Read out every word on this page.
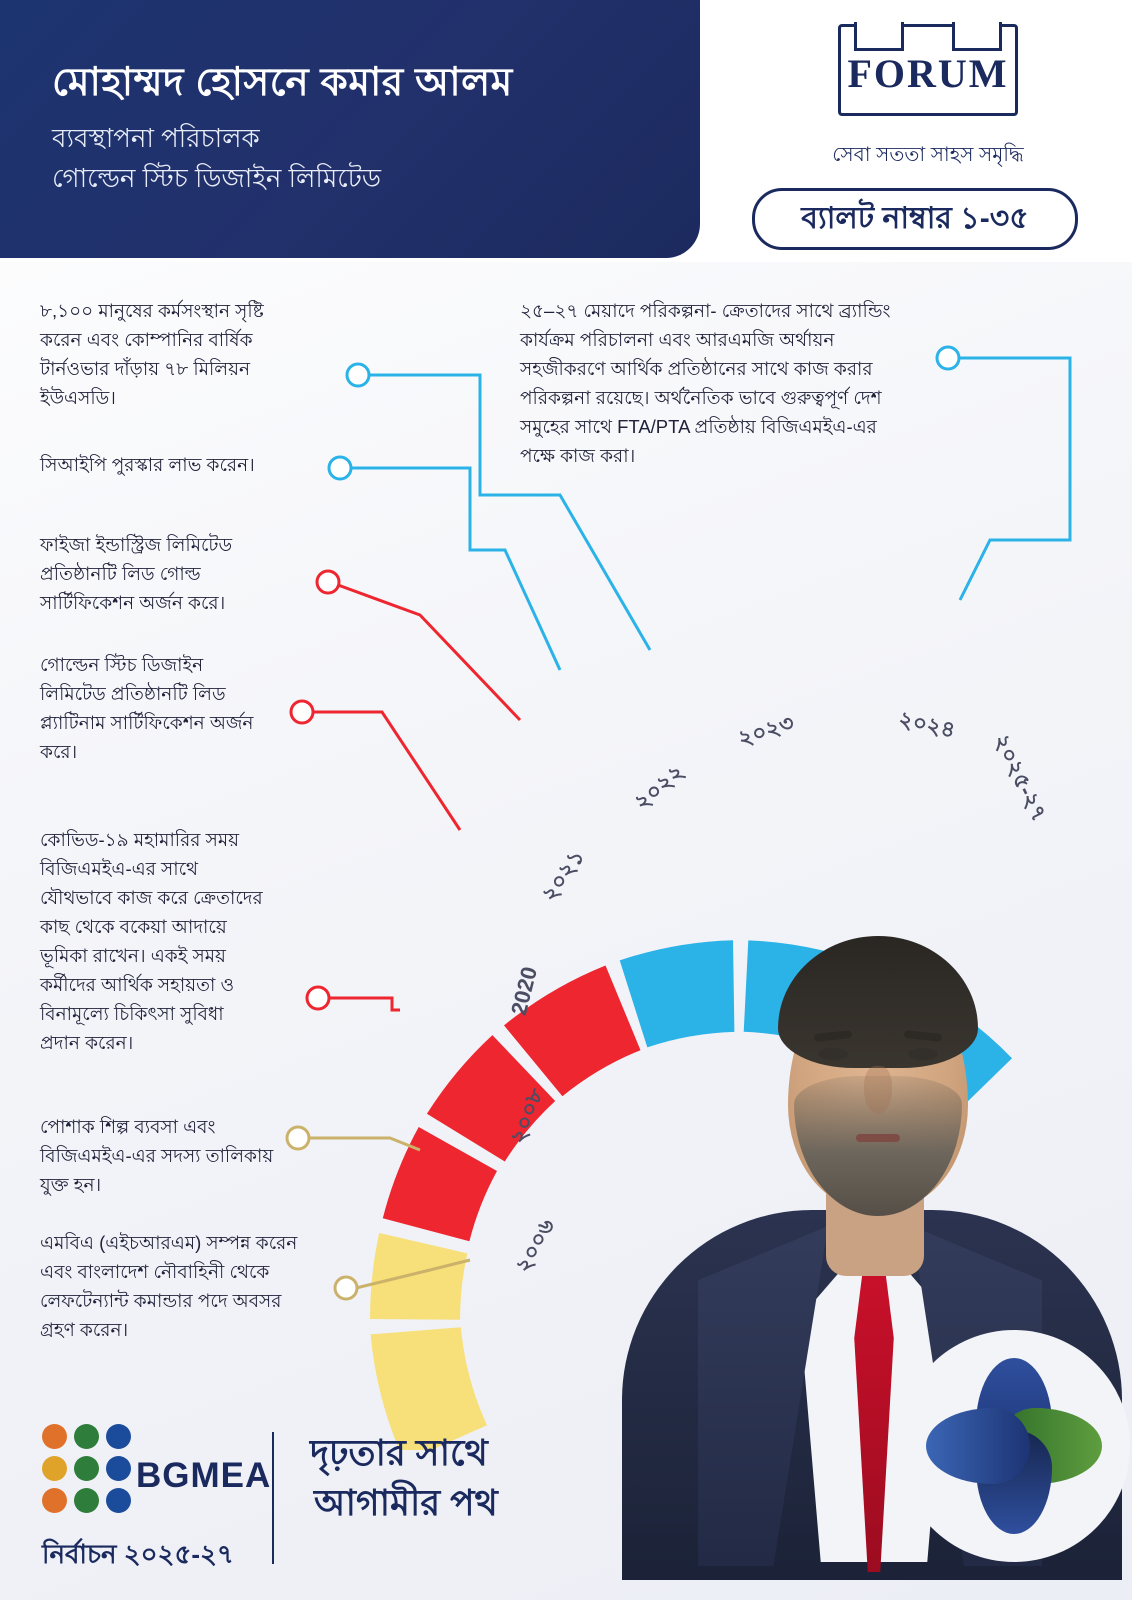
মোহাম্মদ হোসনে কমার আলম
ব্যবস্থাপনা পরিচালক
গোল্ডেন স্টিচ ডিজাইন লিমিটেড
FORUM
সেবা সততা সাহস সমৃদ্ধি
ব্যালট নাম্বার ১-৩৫
৮,১০০ মানুষের কর্মসংস্থান সৃষ্টি করেন এবং কোম্পানির বার্ষিক টার্নওভার দাঁড়ায় ৭৮ মিলিয়ন ইউএসডি।
সিআইপি পুরস্কার লাভ করেন।
ফাইজা ইন্ডাস্ট্রিজ লিমিটেড প্রতিষ্ঠানটি লিড গোল্ড সার্টিফিকেশন অর্জন করে।
গোল্ডেন স্টিচ ডিজাইন লিমিটেড প্রতিষ্ঠানটি লিড প্ল্যাটিনাম সার্টিফিকেশন অর্জন করে।
কোভিড-১৯ মহামারির সময় বিজিএমইএ-এর সাথে যৌথভাবে কাজ করে ক্রেতাদের কাছ থেকে বকেয়া আদায়ে ভূমিকা রাখেন। একই সময় কর্মীদের আর্থিক সহায়তা ও বিনামূল্যে চিকিৎসা সুবিধা প্রদান করেন।
পোশাক শিল্প ব্যবসা এবং বিজিএমইএ-এর সদস্য তালিকায় যুক্ত হন।
এমবিএ (এইচআরএম) সম্পন্ন করেন এবং বাংলাদেশ নৌবাহিনী থেকে লেফটেন্যান্ট কমান্ডার পদে অবসর গ্রহণ করেন।
২৫–২৭ মেয়াদে পরিকল্পনা- ক্রেতাদের সাথে ব্র্যান্ডিং কার্যক্রম পরিচালনা এবং আরএমজি অর্থায়ন সহজীকরণে আর্থিক প্রতিষ্ঠানের সাথে কাজ করার পরিকল্পনা রয়েছে। অর্থনৈতিক ভাবে গুরুত্বপূর্ণ দেশ সমুহের সাথে FTA/PTA প্রতিষ্ঠায় বিজিএমইএ-এর পক্ষে কাজ করা।
২০০৬
২০০৮
2020
২০২১
২০২২
২০২৩	২০২৪
২০২৫-২৭
BGMEA
নির্বাচন ২০২৫-২৭
দৃঢ়তার সাথে
আগামীর পথ
